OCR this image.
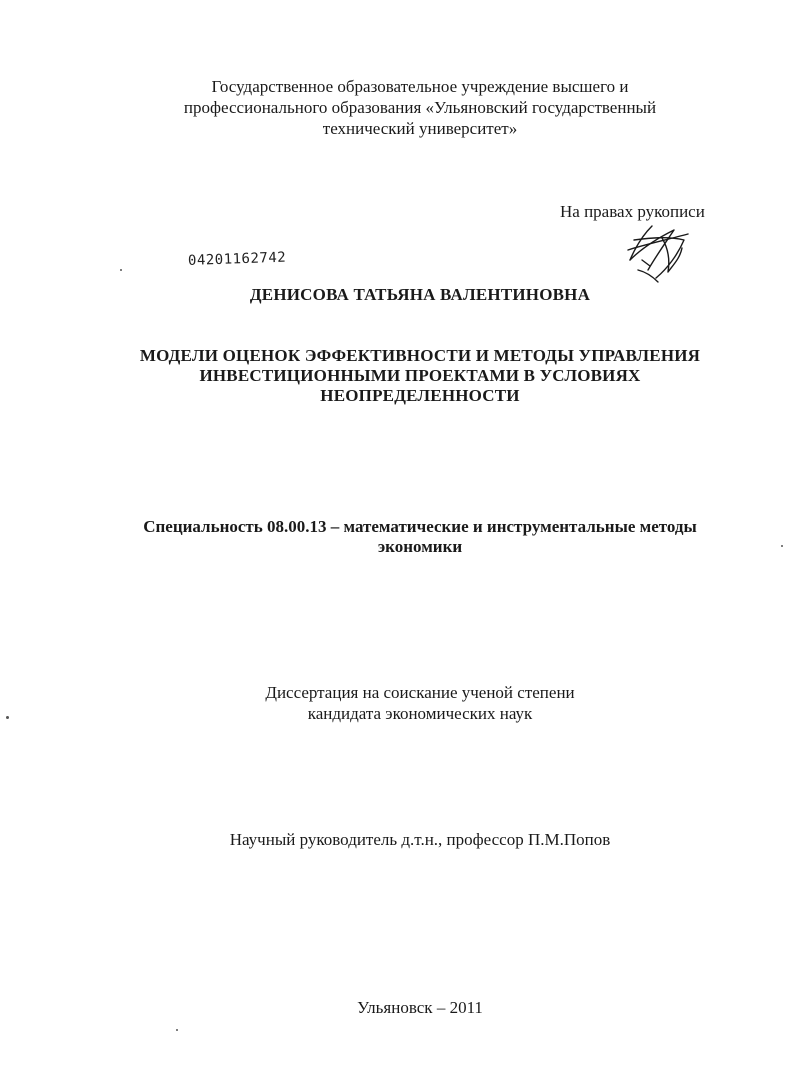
Государственное образовательное учреждение высшего и
профессионального образования «Ульяновский государственный
технический университет»
На правах рукописи
04201162742
ДЕНИСОВА ТАТЬЯНА ВАЛЕНТИНОВНА
МОДЕЛИ ОЦЕНОК ЭФФЕКТИВНОСТИ И МЕТОДЫ УПРАВЛЕНИЯ
ИНВЕСТИЦИОННЫМИ ПРОЕКТАМИ В УСЛОВИЯХ
НЕОПРЕДЕЛЕННОСТИ
Специальность 08.00.13 – математические и инструментальные методы
экономики
Диссертация на соискание ученой степени
кандидата экономических наук
Научный руководитель д.т.н., профессор П.М.Попов
Ульяновск – 2011
